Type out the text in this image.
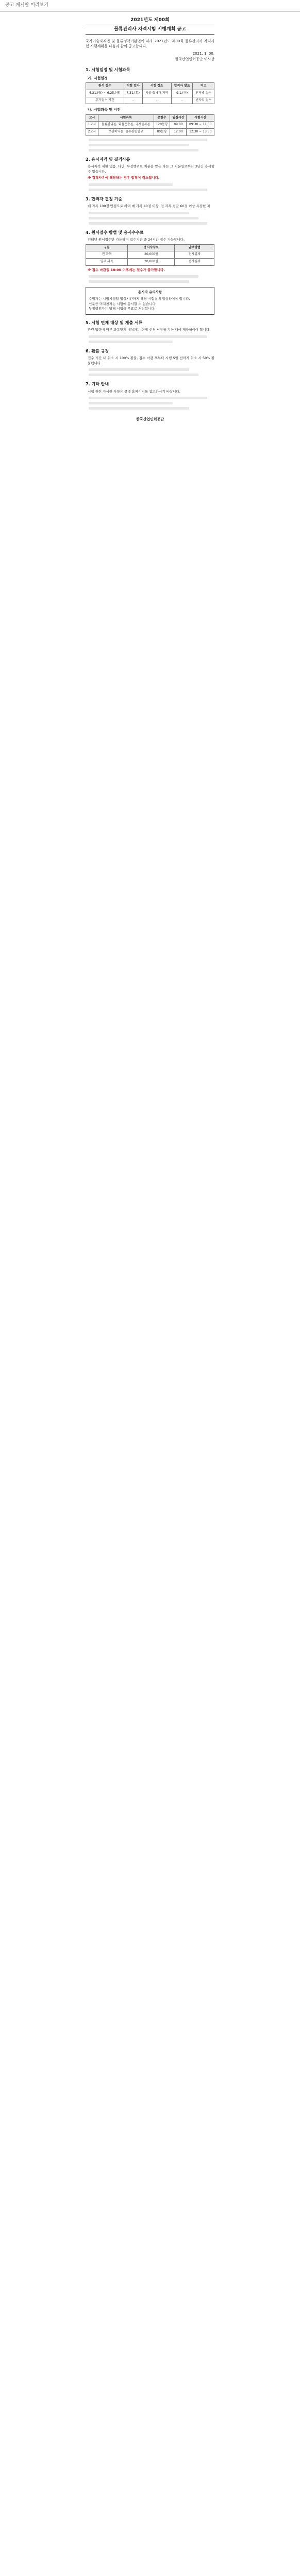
공고 게시판 미리보기
2021년도 제00회
물류관리사 자격시험 시행계획 공고
국가기술자격법 및 물류정책기본법에 따라 2021년도 제00회 물류관리사 자격시험 시행계획을 다음과 같이 공고합니다.
2021. 1. 00.
한국산업인력공단 이사장
1. 시험일정 및 시험과목
가. 시험일정
원서 접수	시험 일자	시험 장소	합격자 발표	비고
6.21.(월) ~ 6.25.(금)	7.31.(토)	서울 등 6개 지역	9.1.(수)	인터넷 접수
추가접수 기간	-	-	-	빈자리 접수
나. 시험과목 및 시간
교시	시험과목	문항수	입실시간	시험시간
1교시	물류관리론, 화물운송론, 국제물류론	120문항	09:00	09:30 ~ 11:30
2교시	보관하역론, 물류관련법규	80문항	12:00	12:30 ~ 13:50
2. 응시자격 및 결격사유
응시자격 제한 없음. 다만, 부정행위로 처분을 받은 자는 그 처분일로부터 3년간 응시할 수 없습니다.
※ 결격사유에 해당하는 경우 합격이 취소됩니다.
3. 합격자 결정 기준
매 과목 100점 만점으로 하여 매 과목 40점 이상, 전 과목 평균 60점 이상 득점한 자
4. 원서접수 방법 및 응시수수료
인터넷 원서접수만 가능하며 접수기간 중 24시간 접수 가능합니다.
구분	응시수수료	납부방법
전 과목	20,000원	전자결제
일부 과목	20,000원	전자결제
※ 접수 마감일 18:00 이후에는 접수가 불가합니다.
응시자 유의사항
수험자는 시험시행일 입실시간까지 해당 시험실에 입실하여야 합니다.
신분증 미지참자는 시험에 응시할 수 없습니다.
부정행위자는 당해 시험을 무효로 처리합니다.
5. 시험 면제 대상 및 제출 서류
관련 법령에 따른 과목면제 대상자는 면제 신청 서류를 기한 내에 제출하여야 합니다.
6. 환불 규정
접수 기간 내 취소 시 100% 환불, 접수 마감 후부터 시행 5일 전까지 취소 시 50% 환불됩니다.
7. 기타 안내
시험 관련 자세한 사항은 큐넷 홈페이지를 참고하시기 바랍니다.
한국산업인력공단
